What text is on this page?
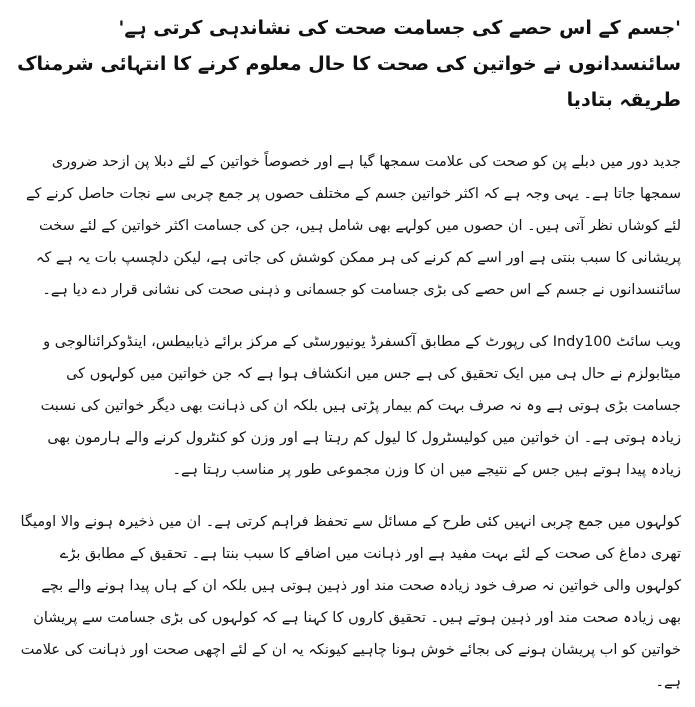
'جسم کے اس حصے کی جسامت صحت کی نشاندہی کرتی ہے' سائنسدانوں نے خواتین کی صحت کا حال معلوم کرنے کا انتہائی شرمناک طریقہ بتادیا

جدید دور میں دبلے پن کو صحت کی علامت سمجھا گیا ہے اور خصوصاً خواتین کے لئے دبلا پن ازحد ضروری سمجھا جاتا ہے۔ یہی وجہ ہے کہ اکثر خواتین جسم کے مختلف حصوں پر جمع چربی سے نجات حاصل کرنے کے لئے کوشاں نظر آتی ہیں۔ ان حصوں میں کولہے بھی شامل ہیں، جن کی جسامت اکثر خواتین کے لئے سخت پریشانی کا سبب بنتی ہے اور اسے کم کرنے کی ہر ممکن کوشش کی جاتی ہے، لیکن دلچسپ بات یہ ہے کہ سائنسدانوں نے جسم کے اس حصے کی بڑی جسامت کو جسمانی و ذہنی صحت کی نشانی قرار دے دیا ہے۔

ویب سائٹ Indy100 کی رپورٹ کے مطابق آکسفرڈ یونیورسٹی کے مرکز برائے ذیابیطس، اینڈوکرائنالوجی و میٹابولزم نے حال ہی میں ایک تحقیق کی ہے جس میں انکشاف ہوا ہے کہ جن خواتین میں کولہوں کی جسامت بڑی ہوتی ہے وہ نہ صرف بہت کم بیمار پڑتی ہیں بلکہ ان کی ذہانت بھی دیگر خواتین کی نسبت زیادہ ہوتی ہے۔ ان خواتین میں کولیسٹرول کا لیول کم رہتا ہے اور وزن کو کنٹرول کرنے والے ہارمون بھی زیادہ پیدا ہوتے ہیں جس کے نتیجے میں ان کا وزن مجموعی طور پر مناسب رہتا ہے۔

کولہوں میں جمع چربی انہیں کئی طرح کے مسائل سے تحفظ فراہم کرتی ہے۔ ان میں ذخیرہ ہونے والا اومیگا تھری دماغ کی صحت کے لئے بہت مفید ہے اور ذہانت میں اضافے کا سبب بنتا ہے۔ تحقیق کے مطابق بڑے کولہوں والی خواتین نہ صرف خود زیادہ صحت مند اور ذہین ہوتی ہیں بلکہ ان کے ہاں پیدا ہونے والے بچے بھی زیادہ صحت مند اور ذہین ہوتے ہیں۔ تحقیق کاروں کا کہنا ہے کہ کولہوں کی بڑی جسامت سے پریشان خواتین کو اب پریشان ہونے کی بجائے خوش ہونا چاہیے کیونکہ یہ ان کے لئے اچھی صحت اور ذہانت کی علامت ہے۔
